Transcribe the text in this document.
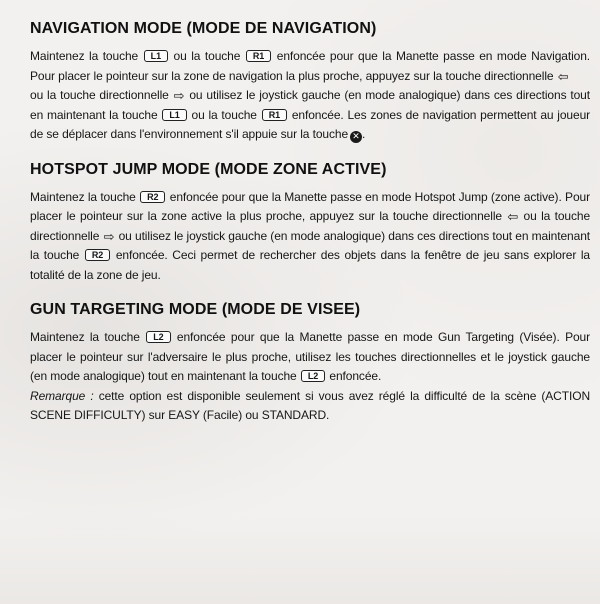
NAVIGATION MODE (MODE DE NAVIGATION)

Maintenez la touche L1 ou la touche R1 enfoncée pour que la Manette passe en mode Navigation. Pour placer le pointeur sur la zone de navigation la plus proche, appuyez sur la touche directionnelle ⇦
ou la touche directionnelle ⇨ ou utilisez le joystick gauche (en mode analogique) dans ces directions tout en maintenant la touche L1 ou la touche R1 enfoncée. Les zones de navigation permettent au joueur de se déplacer dans l'environnement s'il appuie sur la touche ✕ .

HOTSPOT JUMP MODE (MODE ZONE ACTIVE)

Maintenez la touche R2 enfoncée pour que la Manette passe en mode Hotspot Jump (zone active). Pour placer le pointeur sur la zone active la plus proche, appuyez sur la touche directionnelle ⇦ ou la touche directionnelle ⇨ ou utilisez le joystick gauche (en mode analogique) dans ces directions tout en maintenant la touche R2 enfoncée. Ceci permet de rechercher des objets dans la fenêtre de jeu sans explorer la totalité de la zone de jeu.

GUN TARGETING MODE (MODE DE VISEE)

Maintenez la touche L2 enfoncée pour que la Manette passe en mode Gun Targeting (Visée). Pour placer le pointeur sur l'adversaire le plus proche, utilisez les touches directionnelles et le joystick gauche (en mode analogique) tout en maintenant la touche L2 enfoncée.
Remarque : cette option est disponible seulement si vous avez réglé la difficulté de la scène (ACTION SCENE DIFFICULTY) sur EASY (Facile) ou STANDARD.
